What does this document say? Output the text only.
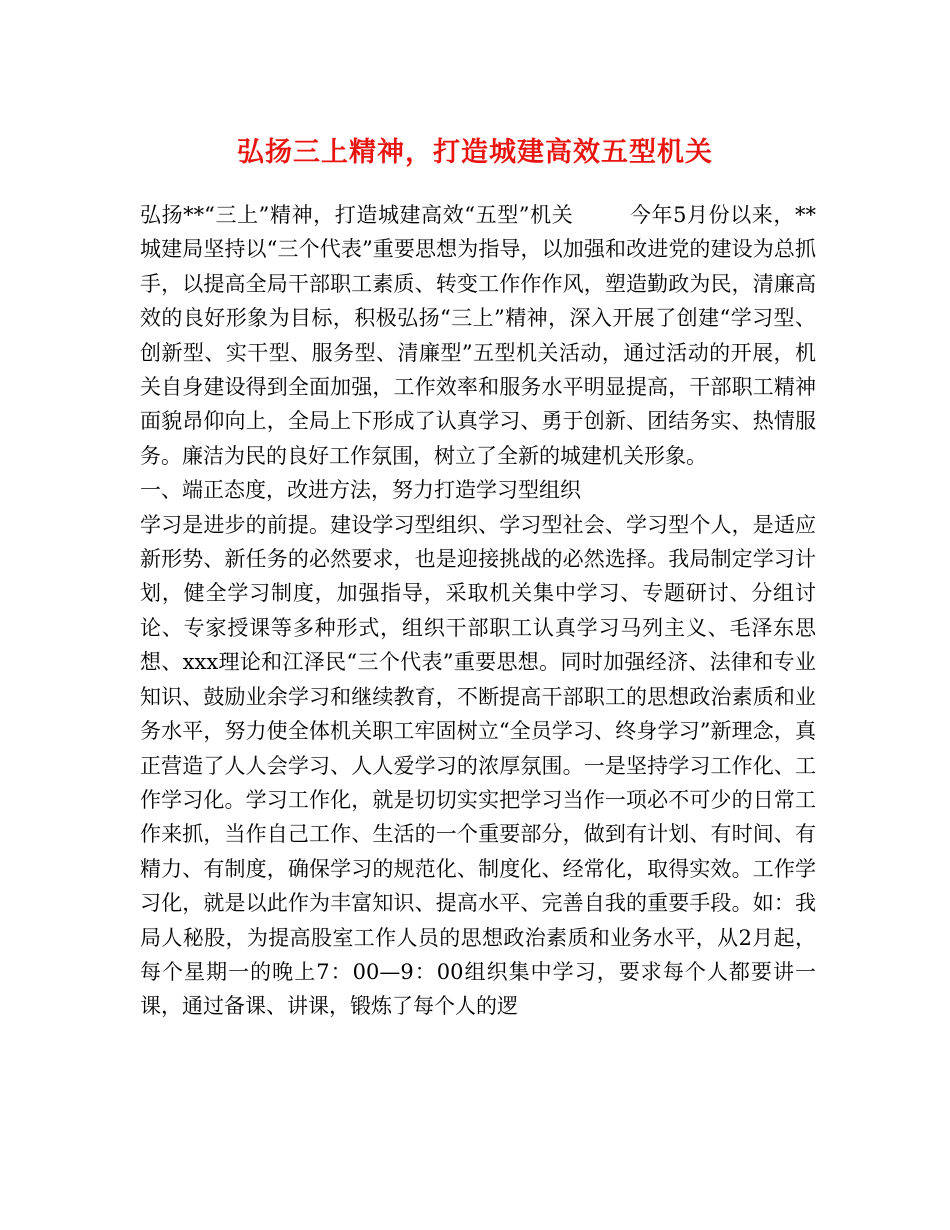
弘扬三上精神，打造城建高效五型机关

弘扬**“三上”精神，打造城建高效“五型”机关	今年5月份以来，**城建局坚持以“三个代表”重要思想为指导，以加强和改进党的建设为总抓手，以提高全局干部职工素质、转变工作作作风，塑造勤政为民，清廉高效的良好形象为目标，积极弘扬“三上”精神，深入开展了创建“学习型、创新型、实干型、服务型、清廉型”五型机关活动，通过活动的开展，机关自身建设得到全面加强，工作效率和服务水平明显提高，干部职工精神面貌昂仰向上，全局上下形成了认真学习、勇于创新、团结务实、热情服务。廉洁为民的良好工作氛围，树立了全新的城建机关形象。

一、端正态度，改进方法，努力打造学习型组织

学习是进步的前提。建设学习型组织、学习型社会、学习型个人，是适应新形势、新任务的必然要求，也是迎接挑战的必然选择。我局制定学习计划，健全学习制度，加强指导，采取机关集中学习、专题研讨、分组讨论、专家授课等多种形式，组织干部职工认真学习马列主义、毛泽东思想、xxx理论和江泽民“三个代表”重要思想。同时加强经济、法律和专业知识、鼓励业余学习和继续教育，不断提高干部职工的思想政治素质和业务水平，努力使全体机关职工牢固树立“全员学习、终身学习”新理念，真正营造了人人会学习、人人爱学习的浓厚氛围。一是坚持学习工作化、工作学习化。学习工作化，就是切切实实把学习当作一项必不可少的日常工作来抓，当作自己工作、生活的一个重要部分，做到有计划、有时间、有精力、有制度，确保学习的规范化、制度化、经常化，取得实效。工作学习化，就是以此作为丰富知识、提高水平、完善自我的重要手段。如：我局人秘股，为提高股室工作人员的思想政治素质和业务水平，从2月起，每个星期一的晚上7：00—9：00组织集中学习，要求每个人都要讲一课，通过备课、讲课，锻炼了每个人的逻
